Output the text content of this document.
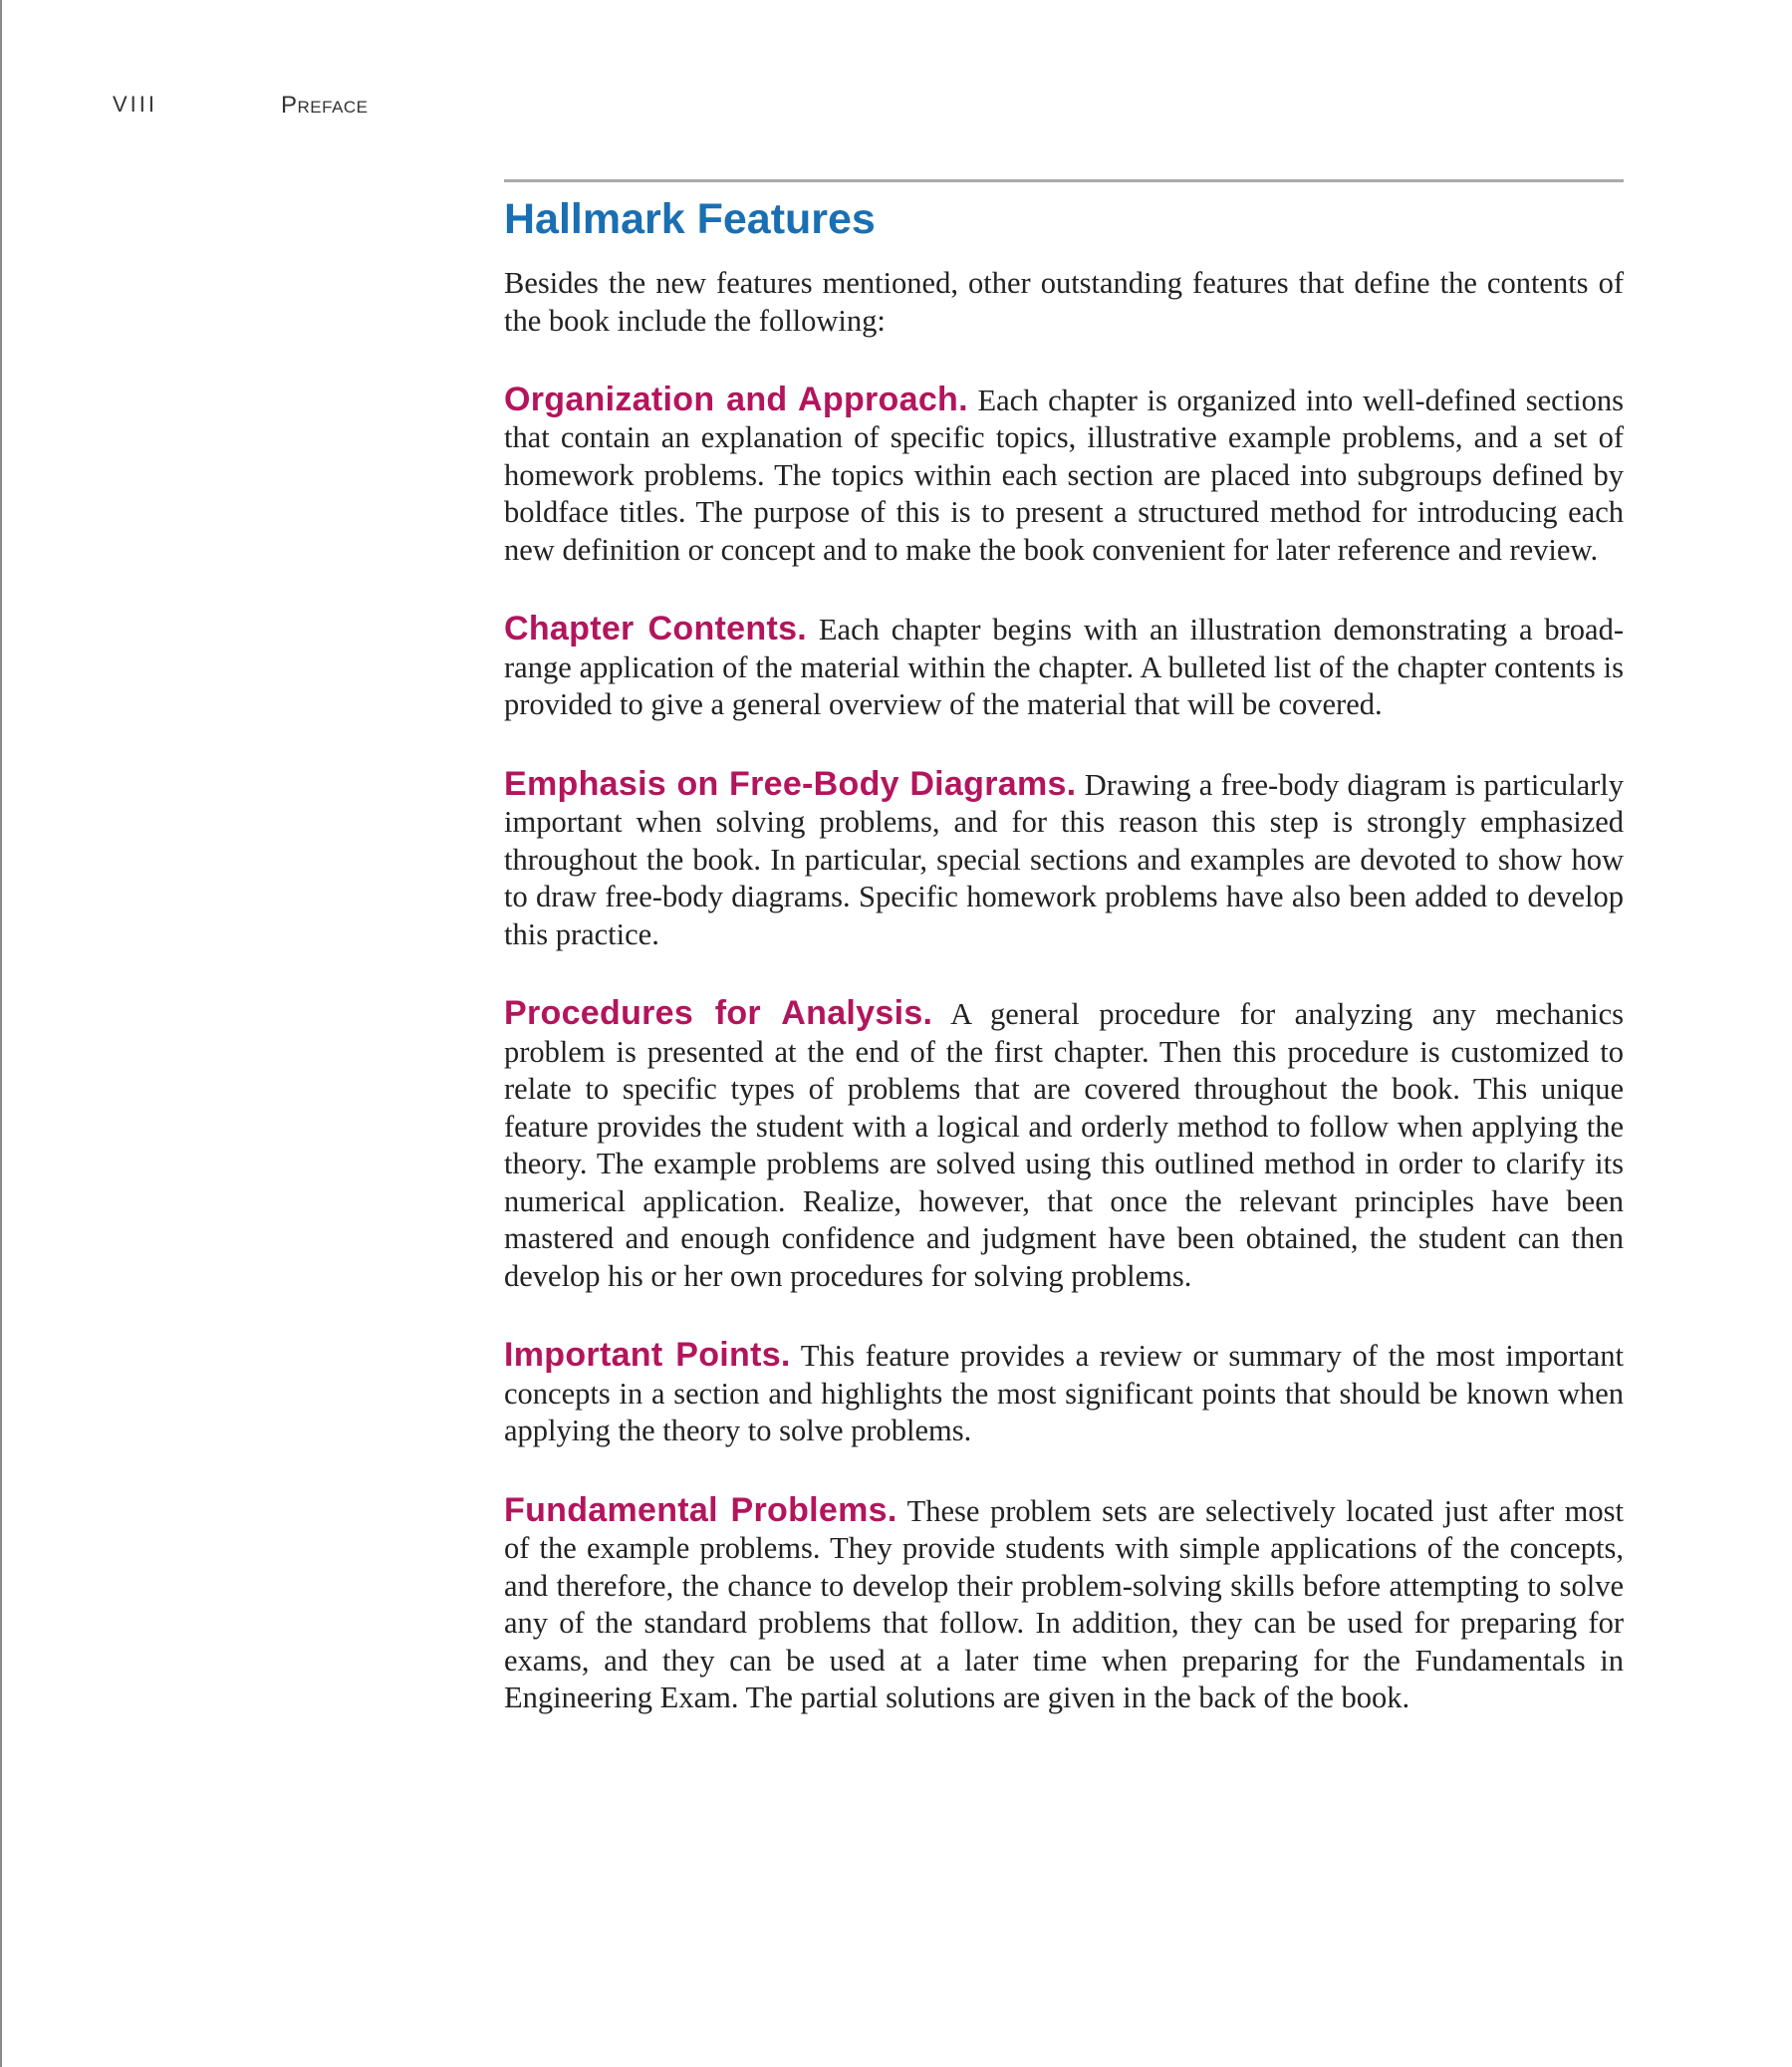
VIII	Preface
Hallmark Features

Besides the new features mentioned, other outstanding features that define the contents of the book include the following:

Organization and Approach. Each chapter is organized into well-defined sections that contain an explanation of specific topics, illustrative example problems, and a set of homework problems. The topics within each section are placed into subgroups defined by boldface titles. The purpose of this is to present a structured method for introducing each new definition or concept and to make the book convenient for later reference and review.

Chapter Contents. Each chapter begins with an illustration demonstrating a broad-range application of the material within the chapter. A bulleted list of the chapter contents is provided to give a general overview of the material that will be covered.

Emphasis on Free-Body Diagrams. Drawing a free-body diagram is particularly important when solving problems, and for this reason this step is strongly emphasized throughout the book. In particular, special sections and examples are devoted to show how to draw free-body diagrams. Specific homework problems have also been added to develop this practice.

Procedures for Analysis. A general procedure for analyzing any mechanics problem is presented at the end of the first chapter. Then this procedure is customized to relate to specific types of problems that are covered throughout the book. This unique feature provides the student with a logical and orderly method to follow when applying the theory. The example problems are solved using this outlined method in order to clarify its numerical application. Realize, however, that once the relevant principles have been mastered and enough confidence and judgment have been obtained, the student can then develop his or her own procedures for solving problems.

Important Points. This feature provides a review or summary of the most important concepts in a section and highlights the most significant points that should be known when applying the theory to solve problems.

Fundamental Problems. These problem sets are selectively located just after most of the example problems. They provide students with simple applications of the concepts, and therefore, the chance to develop their problem-solving skills before attempting to solve any of the standard problems that follow. In addition, they can be used for preparing for exams, and they can be used at a later time when preparing for the Fundamentals in Engineering Exam. The partial solutions are given in the back of the book.
